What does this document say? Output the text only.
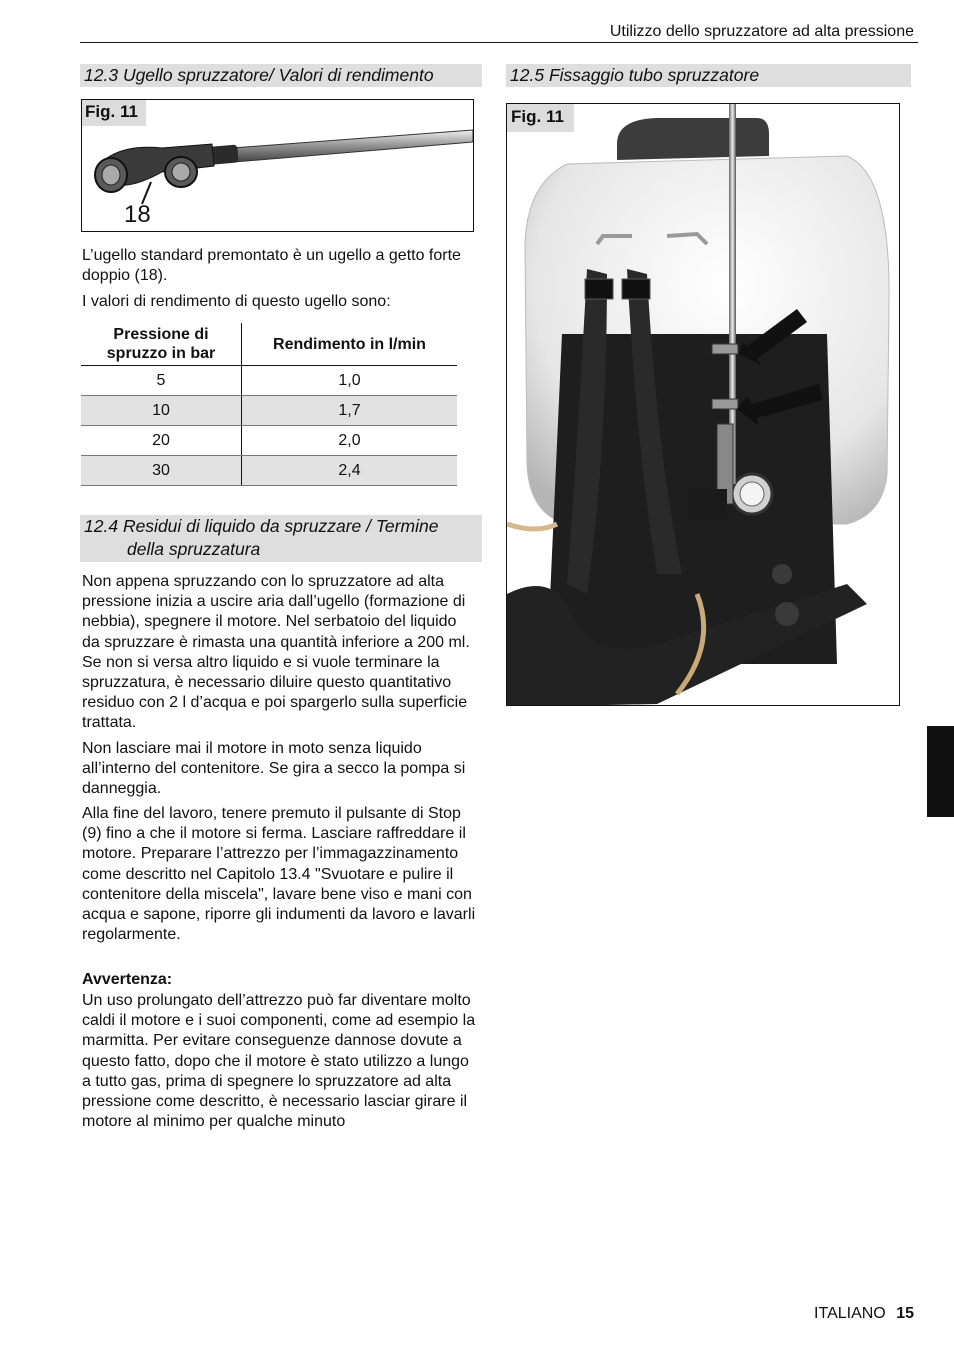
Utilizzo dello spruzzatore ad alta pressione
12.3 Ugello spruzzatore/ Valori di rendimento
Fig. 11
18

L’ugello standard premontato è un ugello a getto forte doppio (18).

I valori di rendimento di questo ugello sono:

Pressione di spruzzo in bar	Rendimento in l/min
5	1,0
10	1,7
20	2,0
30	2,4
12.4 Residui di liquido da spruzzare / Termine
della spruzzatura

Non appena spruzzando con lo spruzzatore ad alta pressione inizia a uscire aria dall’ugello (formazione di nebbia), spegnere il motore. Nel serbatoio del liquido da spruzzare è rimasta una quantità inferiore a 200 ml. Se non si versa altro liquido e si vuole terminare la spruzzatura, è necessario diluire questo quantitativo residuo con 2 l d’acqua e poi spargerlo sulla superficie trattata.

Non lasciare mai il motore in moto senza liquido all’interno del contenitore. Se gira a secco la pompa si danneggia.

Alla fine del lavoro, tenere premuto il pulsante di Stop (9) fino a che il motore si ferma. Lasciare raffreddare il motore. Preparare l’attrezzo per l’immagazzinamento come descritto nel Capitolo 13.4 "Svuotare e pulire il contenitore della miscela", lavare bene viso e mani con acqua e sapone, riporre gli indumenti da lavoro e lavarli regolarmente.

Avvertenza:

Un uso prolungato dell’attrezzo può far diventare molto caldi il motore e i suoi componenti, come ad esempio la marmitta. Per evitare conseguenze dannose dovute a questo fatto, dopo che il motore è stato utilizzo a lungo a tutto gas, prima di spegnere lo spruzzatore ad alta pressione come descritto, è necessario lasciar girare il motore al minimo per qualche minuto

12.5 Fissaggio tubo spruzzatore
Fig. 11
ITALIANO 15
